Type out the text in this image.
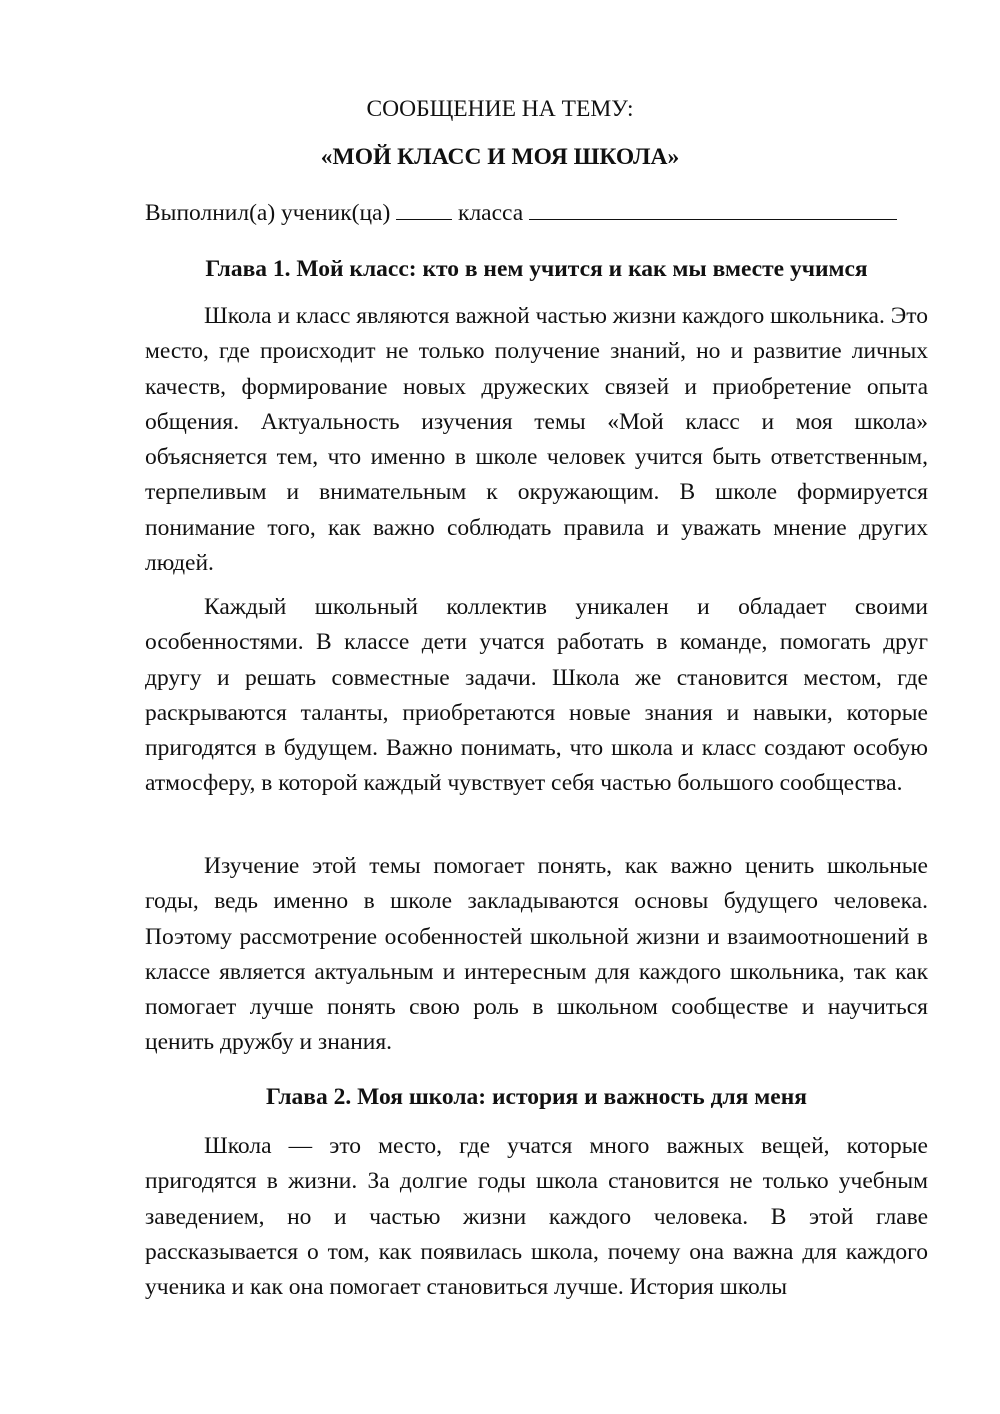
СООБЩЕНИЕ НА ТЕМУ:

«МОЙ КЛАСС И МОЯ ШКОЛА»

Выполнил(а) ученик(ца)	класса

Глава 1. Мой класс: кто в нем учится и как мы вместе учимся

Школа и класс являются важной частью жизни каждого школьника. Это место, где происходит не только получение знаний, но и развитие личных качеств, формирование новых дружеских связей и приобретение опыта общения. Актуальность изучения темы «Мой класс и моя школа» объясняется тем, что именно в школе человек учится быть ответственным, терпеливым и внимательным к окружающим. В школе формируется понимание того, как важно соблюдать правила и уважать мнение других людей.

Каждый школьный коллектив уникален и обладает своими особенностями. В классе дети учатся работать в команде, помогать друг другу и решать совместные задачи. Школа же становится местом, где раскрываются таланты, приобретаются новые знания и навыки, которые пригодятся в будущем. Важно понимать, что школа и класс создают особую атмосферу, в которой каждый чувствует себя частью большого сообщества.

Изучение этой темы помогает понять, как важно ценить школьные годы, ведь именно в школе закладываются основы будущего человека. Поэтому рассмотрение особенностей школьной жизни и взаимоотношений в классе является актуальным и интересным для каждого школьника, так как помогает лучше понять свою роль в школьном сообществе и научиться ценить дружбу и знания.

Глава 2. Моя школа: история и важность для меня

Школа — это место, где учатся много важных вещей, которые пригодятся в жизни. За долгие годы школа становится не только учебным заведением, но и частью жизни каждого человека. В этой главе рассказывается о том, как появилась школа, почему она важна для каждого ученика и как она помогает становиться лучше. История школы
